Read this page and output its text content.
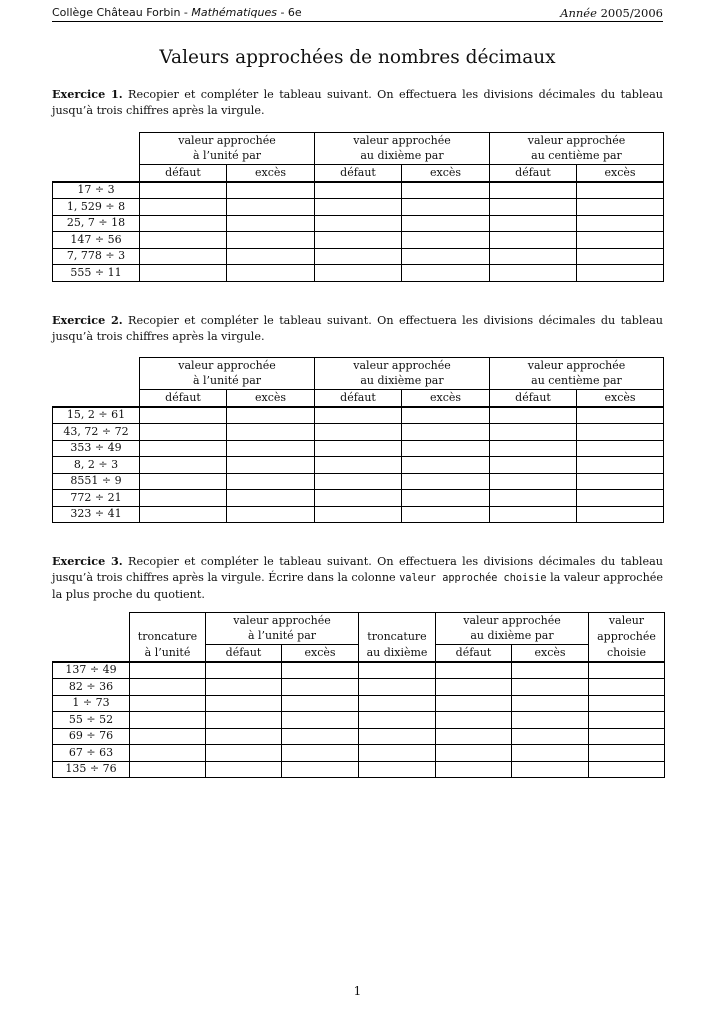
Collège Château Forbin - Mathématiques - 6e	Année 2005/2006
Valeurs approchées de nombres décimaux
Exercice 1. Recopier et compléter le tableau suivant. On effectuera les divisions décimales du tableau jusqu’à trois chiffres après la virgule.
	valeur approchée		valeur approchée		valeur approchée	
	à l’unité par		au dixième par		au centième par	
	défaut	excès	défaut	excès	défaut	excès
17 ÷ 3						
1, 529 ÷ 8						
25, 7 ÷ 18						
147 ÷ 56						
7, 778 ÷ 3						
555 ÷ 11						
Exercice 2. Recopier et compléter le tableau suivant. On effectuera les divisions décimales du tableau jusqu’à trois chiffres après la virgule.
	valeur approchée		valeur approchée		valeur approchée	
	à l’unité par		au dixième par		au centième par	
	défaut	excès	défaut	excès	défaut	excès
15, 2 ÷ 61						
43, 72 ÷ 72						
353 ÷ 49						
8, 2 ÷ 3						
8551 ÷ 9						
772 ÷ 21						
323 ÷ 41						
Exercice 3. Recopier et compléter le tableau suivant. On effectuera les divisions décimales du tableau jusqu’à trois chiffres après la virgule. Écrire dans la colonne valeur approchée choisie la valeur approchée la plus proche du quotient.
		valeur approchée			valeur approchée		valeur
	troncature	à l’unité par		troncature	au dixième par		approchée
	à l’unité	défaut	excès	au dixième	défaut	excès	choisie
137 ÷ 49							
82 ÷ 36							
1 ÷ 73							
55 ÷ 52							
69 ÷ 76							
67 ÷ 63							
135 ÷ 76							
1
